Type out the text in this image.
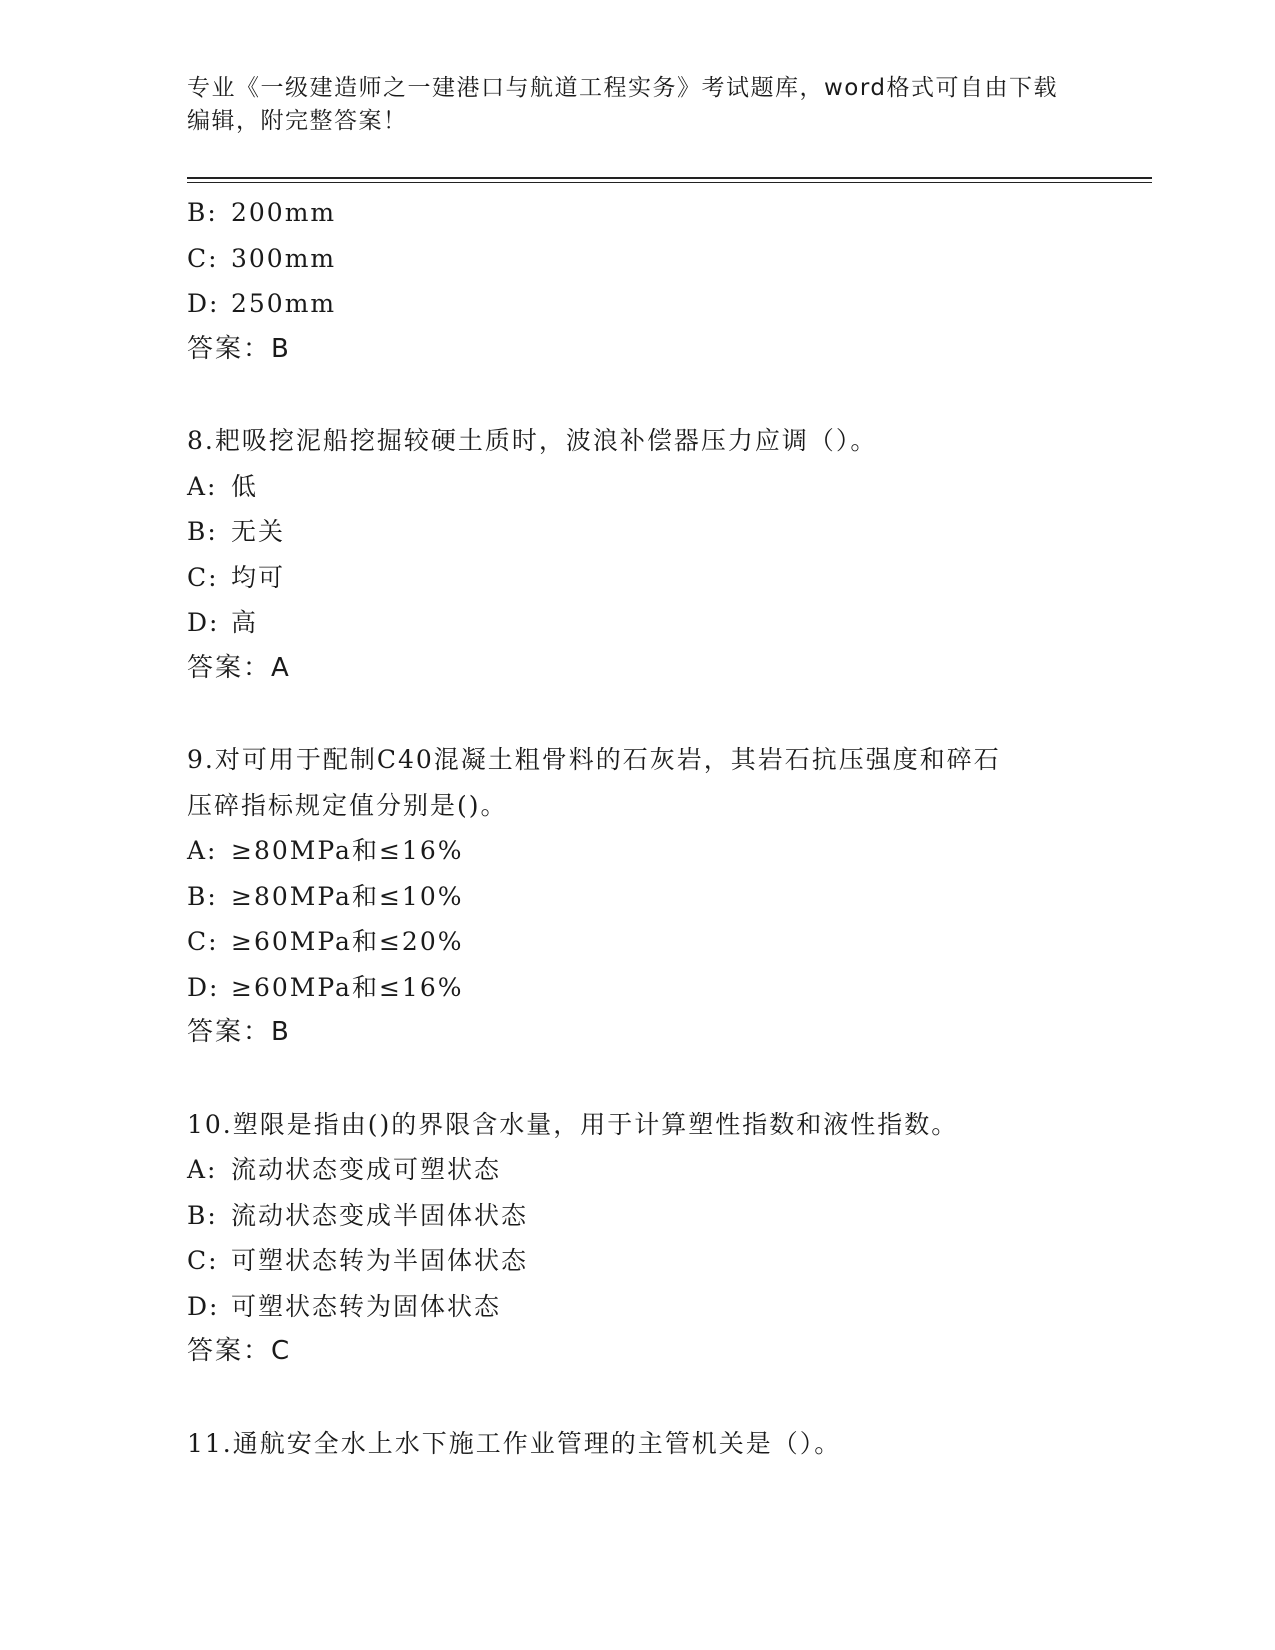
专业《一级建造师之一建港口与航道工程实务》考试题库，word格式可自由下载
编辑，附完整答案！
B: 200mm
C: 300mm
D: 250mm
答案：B
8.耙吸挖泥船挖掘较硬土质时，波浪补偿器压力应调（）。
A: 低
B: 无关
C: 均可
D: 高
答案：A
9.对可用于配制C40混凝土粗骨料的石灰岩，其岩石抗压强度和碎石
压碎指标规定值分别是()。
A: ≥80MPa和≤16%
B: ≥80MPa和≤10%
C: ≥60MPa和≤20%
D: ≥60MPa和≤16%
答案：B
10.塑限是指由()的界限含水量，用于计算塑性指数和液性指数。
A: 流动状态变成可塑状态
B: 流动状态变成半固体状态
C: 可塑状态转为半固体状态
D: 可塑状态转为固体状态
答案：C
11.通航安全水上水下施工作业管理的主管机关是（）。
